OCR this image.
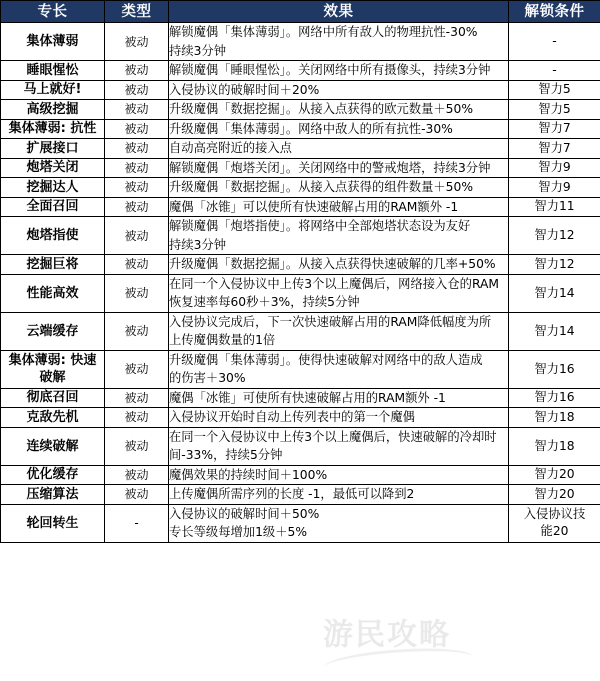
专长	类型	效果	解锁条件

集体薄弱	被动	解锁魔偶「集体薄弱」。网络中所有敌人的物理抗性-30%
持续3分钟	-

睡眼惺忪	被动	解锁魔偶「睡眼惺忪」。关闭网络中所有摄像头，持续3分钟	-

马上就好!	被动	入侵协议的破解时间＋20%	智力5

高级挖掘	被动	升级魔偶「数据挖掘」。从接入点获得的欧元数量＋50%	智力5

集体薄弱: 抗性	被动	升级魔偶「集体薄弱」。网络中敌人的所有抗性-30%	智力7

扩展接口	被动	自动高亮附近的接入点	智力7

炮塔关闭	被动	解锁魔偶「炮塔关闭」。关闭网络中的警戒炮塔，持续3分钟	智力9

挖掘达人	被动	升级魔偶「数据挖掘」。从接入点获得的组件数量＋50%	智力9

全面召回	被动	魔偶「冰锥」可以使所有快速破解占用的RAM额外 -1	智力11

炮塔指使	被动	解锁魔偶「炮塔指使」。将网络中全部炮塔状态设为友好
持续3分钟	智力12

挖掘巨将	被动	升级魔偶「数据挖掘」。从接入点获得快速破解的几率+50%	智力12

性能高效	被动	在同一个入侵协议中上传3个以上魔偶后，网络接入仓的RAM
恢复速率每60秒＋3%，持续5分钟	智力14

云端缓存	被动	入侵协议完成后，下一次快速破解占用的RAM降低幅度为所
上传魔偶数量的1倍	智力14

集体薄弱: 快速
破解	被动	升级魔偶「集体薄弱」。使得快速破解对网络中的敌人造成
的伤害＋30%	智力16

彻底召回	被动	魔偶「冰锥」可使所有快速破解占用的RAM额外 -1	智力16

克敌先机	被动	入侵协议开始时自动上传列表中的第一个魔偶	智力18

连续破解	被动	在同一个入侵协议中上传3个以上魔偶后，快速破解的冷却时
间-33%，持续5分钟	智力18

优化缓存	被动	魔偶效果的持续时间＋100%	智力20

压缩算法	被动	上传魔偶所需序列的长度 -1，最低可以降到2	智力20

轮回转生	-	入侵协议的破解时间＋50%
专长等级每增加1级＋5%	入侵协议技
能20
游民攻略
